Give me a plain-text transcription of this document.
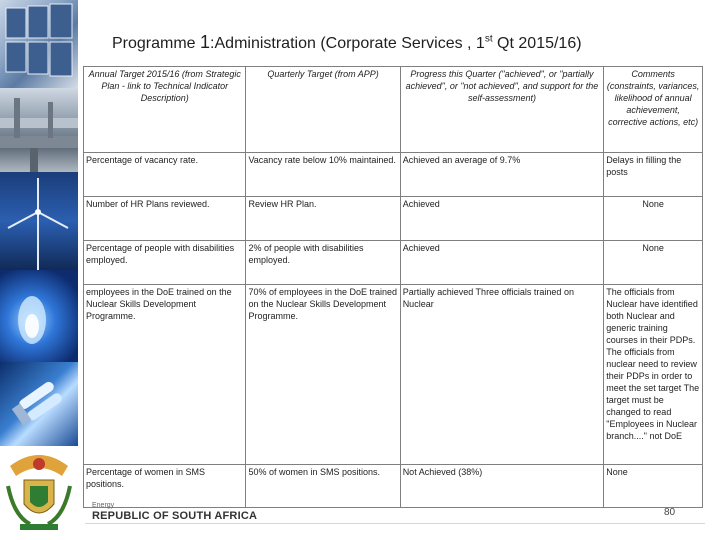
Programme 1:Administration (Corporate Services , 1st Qt 2015/16)
Annual Target 2015/16 (from Strategic Plan - link to Technical Indicator Description)	Quarterly Target (from APP)	Progress this Quarter ("achieved", or "partially achieved", or "not achieved", and support for the self-assessment)	Comments (constraints, variances, likelihood of annual achievement, corrective actions, etc)
Percentage of vacancy rate.	Vacancy rate below 10% maintained.	Achieved an average of 9.7%	Delays in filling the posts
Number of HR Plans reviewed.	Review HR Plan.	Achieved	None
Percentage of people with disabilities employed.	2% of people with disabilities employed.	Achieved	None
employees in the DoE trained on the Nuclear Skills Development Programme.	70% of employees in the DoE trained on the Nuclear Skills Development Programme.	Partially achieved Three officials trained on Nuclear	The officials from Nuclear have identified both Nuclear and generic training courses in their PDPs. The officials from nuclear need to review their PDPs in order to meet the set target The target must be changed to read "Employees in Nuclear branch...." not DoE
Percentage of women in SMS positions.	50% of women in SMS positions.	Not Achieved (38%)	None
Energy
REPUBLIC OF SOUTH AFRICA	80
